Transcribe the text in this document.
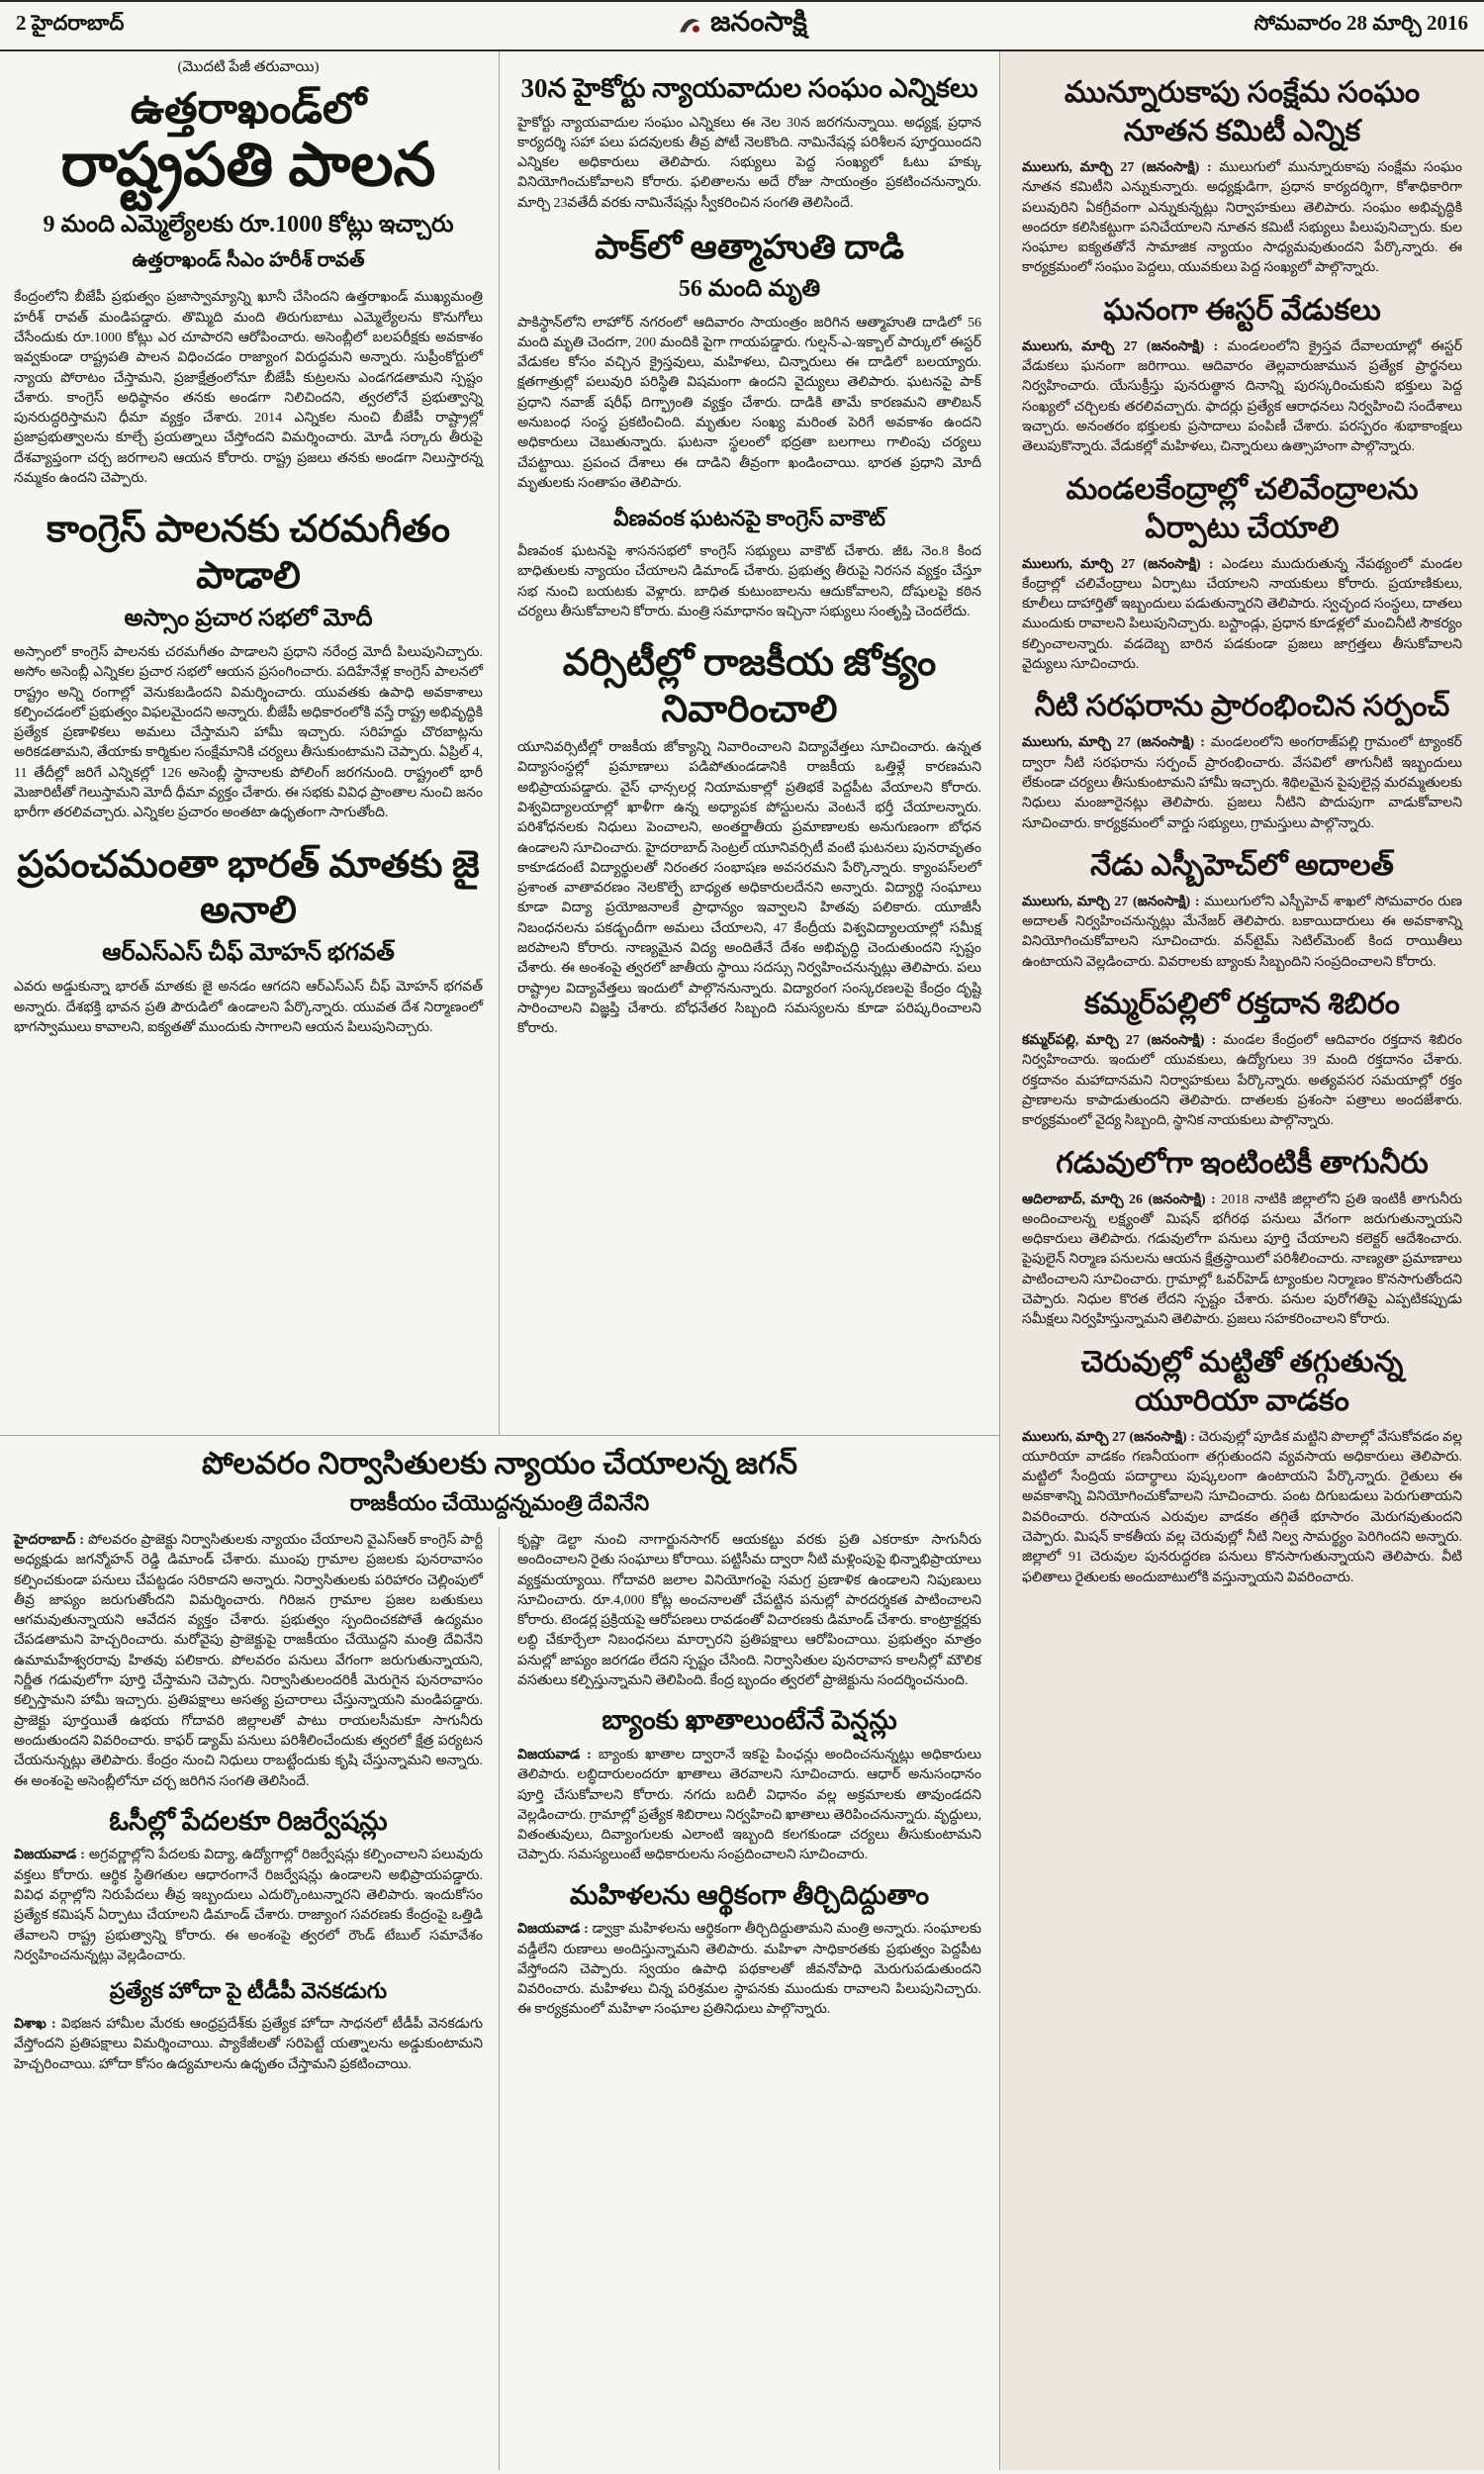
2 హైదరాబాద్	జనంసాక్షి	సోమవారం 28 మార్చి 2016

(మొదటి పేజీ తరువాయి)

ఉత్తరాఖండ్‌లో
రాష్ట్రపతి పాలన

9 మంది ఎమ్మెల్యేలకు రూ.1000 కోట్లు ఇచ్చారు

ఉత్తరాఖండ్ సీఎం హరీశ్ రావత్

కేంద్రంలోని బీజేపీ ప్రభుత్వం ప్రజాస్వామ్యాన్ని ఖూనీ చేసిందని ఉత్తరాఖండ్ ముఖ్యమంత్రి హరీశ్ రావత్ మండిపడ్డారు. తొమ్మిది మంది తిరుగుబాటు ఎమ్మెల్యేలను కొనుగోలు చేసేందుకు రూ.1000 కోట్లు ఎర చూపారని ఆరోపించారు. అసెంబ్లీలో బలపరీక్షకు అవకాశం ఇవ్వకుండా రాష్ట్రపతి పాలన విధించడం రాజ్యాంగ విరుద్ధమని అన్నారు. సుప్రీంకోర్టులో న్యాయ పోరాటం చేస్తామని, ప్రజాక్షేత్రంలోనూ బీజేపీ కుట్రలను ఎండగడతామని స్పష్టం చేశారు. కాంగ్రెస్ అధిష్ఠానం తనకు అండగా నిలిచిందని, త్వరలోనే ప్రభుత్వాన్ని పునరుద్ధరిస్తామని ధీమా వ్యక్తం చేశారు. 2014 ఎన్నికల నుంచి బీజేపీ రాష్ట్రాల్లో ప్రజాప్రభుత్వాలను కూల్చే ప్రయత్నాలు చేస్తోందని విమర్శించారు. మోడీ సర్కారు తీరుపై దేశవ్యాప్తంగా చర్చ జరగాలని ఆయన కోరారు. రాష్ట్ర ప్రజలు తనకు అండగా నిలుస్తారన్న నమ్మకం ఉందని చెప్పారు.

కాంగ్రెస్ పాలనకు చరమగీతం పాడాలి

అస్సాం ప్రచార సభలో మోదీ

అస్సాంలో కాంగ్రెస్ పాలనకు చరమగీతం పాడాలని ప్రధాని నరేంద్ర మోదీ పిలుపునిచ్చారు. అసోం అసెంబ్లీ ఎన్నికల ప్రచార సభలో ఆయన ప్రసంగించారు. పదిహేనేళ్ల కాంగ్రెస్ పాలనలో రాష్ట్రం అన్ని రంగాల్లో వెనుకబడిందని విమర్శించారు. యువతకు ఉపాధి అవకాశాలు కల్పించడంలో ప్రభుత్వం విఫలమైందని అన్నారు. బీజేపీ అధికారంలోకి వస్తే రాష్ట్ర అభివృద్ధికి ప్రత్యేక ప్రణాళికలు అమలు చేస్తామని హామీ ఇచ్చారు. సరిహద్దు చొరబాట్లను అరికడతామని, తేయాకు కార్మికుల సంక్షేమానికి చర్యలు తీసుకుంటామని చెప్పారు. ఏప్రిల్ 4, 11 తేదీల్లో జరిగే ఎన్నికల్లో 126 అసెంబ్లీ స్థానాలకు పోలింగ్ జరగనుంది. రాష్ట్రంలో భారీ మెజారిటీతో గెలుస్తామని మోదీ ధీమా వ్యక్తం చేశారు. ఈ సభకు వివిధ ప్రాంతాల నుంచి జనం భారీగా తరలివచ్చారు. ఎన్నికల ప్రచారం అంతటా ఉధృతంగా సాగుతోంది.

ప్రపంచమంతా భారత్ మాతకు జై అనాలి

ఆర్ఎస్ఎస్ చీఫ్ మోహన్ భగవత్

ఎవరు అడ్డుకున్నా భారత్ మాతకు జై అనడం ఆగదని ఆర్ఎస్ఎస్ చీఫ్ మోహన్ భగవత్ అన్నారు. దేశభక్తి భావన ప్రతి పౌరుడిలో ఉండాలని పేర్కొన్నారు. యువత దేశ నిర్మాణంలో భాగస్వాములు కావాలని, ఐక్యతతో ముందుకు సాగాలని ఆయన పిలుపునిచ్చారు.

30న హైకోర్టు న్యాయవాదుల సంఘం ఎన్నికలు

హైకోర్టు న్యాయవాదుల సంఘం ఎన్నికలు ఈ నెల 30న జరగనున్నాయి. అధ్యక్ష, ప్రధాన కార్యదర్శి సహా పలు పదవులకు తీవ్ర పోటీ నెలకొంది. నామినేషన్ల పరిశీలన పూర్తయిందని ఎన్నికల అధికారులు తెలిపారు. సభ్యులు పెద్ద సంఖ్యలో ఓటు హక్కు వినియోగించుకోవాలని కోరారు. ఫలితాలను అదే రోజు సాయంత్రం ప్రకటించనున్నారు. మార్చి 23వతేదీ వరకు నామినేషన్లు స్వీకరించిన సంగతి తెలిసిందే.

పాక్‌లో ఆత్మాహుతి దాడి

56 మంది మృతి

పాకిస్థాన్‌లోని లాహోర్ నగరంలో ఆదివారం సాయంత్రం జరిగిన ఆత్మాహుతి దాడిలో 56 మంది మృతి చెందగా, 200 మందికి పైగా గాయపడ్డారు. గుల్షన్-ఎ-ఇక్బాల్ పార్కులో ఈస్టర్ వేడుకల కోసం వచ్చిన క్రైస్తవులు, మహిళలు, చిన్నారులు ఈ దాడిలో బలయ్యారు. క్షతగాత్రుల్లో పలువురి పరిస్థితి విషమంగా ఉందని వైద్యులు తెలిపారు. ఘటనపై పాక్ ప్రధాని నవాజ్ షరీఫ్ దిగ్భ్రాంతి వ్యక్తం చేశారు. దాడికి తామే కారణమని తాలిబన్ అనుబంధ సంస్థ ప్రకటించింది. మృతుల సంఖ్య మరింత పెరిగే అవకాశం ఉందని అధికారులు చెబుతున్నారు. ఘటనా స్థలంలో భద్రతా బలగాలు గాలింపు చర్యలు చేపట్టాయి. ప్రపంచ దేశాలు ఈ దాడిని తీవ్రంగా ఖండించాయి. భారత ప్రధాని మోదీ మృతులకు సంతాపం తెలిపారు.

వీణవంక ఘటనపై కాంగ్రెస్ వాకౌట్

వీణవంక ఘటనపై శాసనసభలో కాంగ్రెస్ సభ్యులు వాకౌట్ చేశారు. జీఓ నెం.8 కింద బాధితులకు న్యాయం చేయాలని డిమాండ్ చేశారు. ప్రభుత్వ తీరుపై నిరసన వ్యక్తం చేస్తూ సభ నుంచి బయటకు వెళ్లారు. బాధిత కుటుంబాలను ఆదుకోవాలని, దోషులపై కఠిన చర్యలు తీసుకోవాలని కోరారు. మంత్రి సమాధానం ఇచ్చినా సభ్యులు సంతృప్తి చెందలేదు.

వర్సిటీల్లో రాజకీయ జోక్యం నివారించాలి

యూనివర్సిటీల్లో రాజకీయ జోక్యాన్ని నివారించాలని విద్యావేత్తలు సూచించారు. ఉన్నత విద్యాసంస్థల్లో ప్రమాణాలు పడిపోతుండడానికి రాజకీయ ఒత్తిళ్లే కారణమని అభిప్రాయపడ్డారు. వైస్ ఛాన్సలర్ల నియామకాల్లో ప్రతిభకే పెద్దపీట వేయాలని కోరారు. విశ్వవిద్యాలయాల్లో ఖాళీగా ఉన్న అధ్యాపక పోస్టులను వెంటనే భర్తీ చేయాలన్నారు. పరిశోధనలకు నిధులు పెంచాలని, అంతర్జాతీయ ప్రమాణాలకు అనుగుణంగా బోధన ఉండాలని సూచించారు. హైదరాబాద్ సెంట్రల్ యూనివర్సిటీ వంటి ఘటనలు పునరావృతం కాకూడదంటే విద్యార్థులతో నిరంతర సంభాషణ అవసరమని పేర్కొన్నారు. క్యాంపస్‌లలో ప్రశాంత వాతావరణం నెలకొల్పే బాధ్యత అధికారులదేనని అన్నారు. విద్యార్థి సంఘాలు కూడా విద్యా ప్రయోజనాలకే ప్రాధాన్యం ఇవ్వాలని హితవు పలికారు. యూజీసీ నిబంధనలను పకడ్బందీగా అమలు చేయాలని, 47 కేంద్రీయ విశ్వవిద్యాలయాల్లో సమీక్ష జరపాలని కోరారు. నాణ్యమైన విద్య అందితేనే దేశం అభివృద్ధి చెందుతుందని స్పష్టం చేశారు. ఈ అంశంపై త్వరలో జాతీయ స్థాయి సదస్సు నిర్వహించనున్నట్లు తెలిపారు. పలు రాష్ట్రాల విద్యావేత్తలు ఇందులో పాల్గొననున్నారు. విద్యారంగ సంస్కరణలపై కేంద్రం దృష్టి సారించాలని విజ్ఞప్తి చేశారు. బోధనేతర సిబ్బంది సమస్యలను కూడా పరిష్కరించాలని కోరారు.

పోలవరం నిర్వాసితులకు న్యాయం చేయాలన్న జగన్

రాజకీయం చేయొద్దన్నమంత్రి దేవినేని

హైదరాబాద్ : పోలవరం ప్రాజెక్టు నిర్వాసితులకు న్యాయం చేయాలని వైఎస్ఆర్ కాంగ్రెస్ పార్టీ అధ్యక్షుడు జగన్మోహన్ రెడ్డి డిమాండ్ చేశారు. ముంపు గ్రామాల ప్రజలకు పునరావాసం కల్పించకుండా పనులు చేపట్టడం సరికాదని అన్నారు. నిర్వాసితులకు పరిహారం చెల్లింపులో తీవ్ర జాప్యం జరుగుతోందని విమర్శించారు. గిరిజన గ్రామాల ప్రజల బతుకులు ఆగమవుతున్నాయని ఆవేదన వ్యక్తం చేశారు. ప్రభుత్వం స్పందించకపోతే ఉద్యమం చేపడతామని హెచ్చరించారు. మరోవైపు ప్రాజెక్టుపై రాజకీయం చేయొద్దని మంత్రి దేవినేని ఉమామహేశ్వరరావు హితవు పలికారు. పోలవరం పనులు వేగంగా జరుగుతున్నాయని, నిర్ణీత గడువులోగా పూర్తి చేస్తామని చెప్పారు. నిర్వాసితులందరికీ మెరుగైన పునరావాసం కల్పిస్తామని హామీ ఇచ్చారు. ప్రతిపక్షాలు అసత్య ప్రచారాలు చేస్తున్నాయని మండిపడ్డారు. ప్రాజెక్టు పూర్తయితే ఉభయ గోదావరి జిల్లాలతో పాటు రాయలసీమకూ సాగునీరు అందుతుందని వివరించారు. కాఫర్ డ్యామ్ పనులు పరిశీలించేందుకు త్వరలో క్షేత్ర పర్యటన చేయనున్నట్లు తెలిపారు. కేంద్రం నుంచి నిధులు రాబట్టేందుకు కృషి చేస్తున్నామని అన్నారు. ఈ అంశంపై అసెంబ్లీలోనూ చర్చ జరిగిన సంగతి తెలిసిందే.

ఓసీల్లో పేదలకూ రిజర్వేషన్లు

విజయవాడ : అగ్రవర్ణాల్లోని పేదలకు విద్యా, ఉద్యోగాల్లో రిజర్వేషన్లు కల్పించాలని పలువురు వక్తలు కోరారు. ఆర్థిక స్థితిగతుల ఆధారంగానే రిజర్వేషన్లు ఉండాలని అభిప్రాయపడ్డారు. వివిధ వర్గాల్లోని నిరుపేదలు తీవ్ర ఇబ్బందులు ఎదుర్కొంటున్నారని తెలిపారు. ఇందుకోసం ప్రత్యేక కమిషన్ ఏర్పాటు చేయాలని డిమాండ్ చేశారు. రాజ్యాంగ సవరణకు కేంద్రంపై ఒత్తిడి తేవాలని రాష్ట్ర ప్రభుత్వాన్ని కోరారు. ఈ అంశంపై త్వరలో రౌండ్ టేబుల్ సమావేశం నిర్వహించనున్నట్లు వెల్లడించారు.

ప్రత్యేక హోదా పై టీడీపీ వెనకడుగు

విశాఖ : విభజన హామీల మేరకు ఆంధ్రప్రదేశ్‌కు ప్రత్యేక హోదా సాధనలో టీడీపీ వెనకడుగు వేస్తోందని ప్రతిపక్షాలు విమర్శించాయి. ప్యాకేజీలతో సరిపెట్టే యత్నాలను అడ్డుకుంటామని హెచ్చరించాయి. హోదా కోసం ఉద్యమాలను ఉధృతం చేస్తామని ప్రకటించాయి.

కృష్ణా డెల్టా నుంచి నాగార్జునసాగర్ ఆయకట్టు వరకు ప్రతి ఎకరాకూ సాగునీరు అందించాలని రైతు సంఘాలు కోరాయి. పట్టిసీమ ద్వారా నీటి మళ్లింపుపై భిన్నాభిప్రాయాలు వ్యక్తమయ్యాయి. గోదావరి జలాల వినియోగంపై సమగ్ర ప్రణాళిక ఉండాలని నిపుణులు సూచించారు. రూ.4,000 కోట్ల అంచనాలతో చేపట్టిన పనుల్లో పారదర్శకత పాటించాలని కోరారు. టెండర్ల ప్రక్రియపై ఆరోపణలు రావడంతో విచారణకు డిమాండ్ చేశారు. కాంట్రాక్టర్లకు లబ్ధి చేకూర్చేలా నిబంధనలు మార్చారని ప్రతిపక్షాలు ఆరోపించాయి. ప్రభుత్వం మాత్రం పనుల్లో జాప్యం జరగడం లేదని స్పష్టం చేసింది. నిర్వాసితుల పునరావాస కాలనీల్లో మౌలిక వసతులు కల్పిస్తున్నామని తెలిపింది. కేంద్ర బృందం త్వరలో ప్రాజెక్టును సందర్శించనుంది.

బ్యాంకు ఖాతాలుంటేనే పెన్షన్లు

విజయవాడ : బ్యాంకు ఖాతాల ద్వారానే ఇకపై పింఛన్లు అందించనున్నట్లు అధికారులు తెలిపారు. లబ్ధిదారులందరూ ఖాతాలు తెరవాలని సూచించారు. ఆధార్ అనుసంధానం పూర్తి చేసుకోవాలని కోరారు. నగదు బదిలీ విధానం వల్ల అక్రమాలకు తావుండదని వెల్లడించారు. గ్రామాల్లో ప్రత్యేక శిబిరాలు నిర్వహించి ఖాతాలు తెరిపించనున్నారు. వృద్ధులు, వితంతువులు, దివ్యాంగులకు ఎలాంటి ఇబ్బంది కలగకుండా చర్యలు తీసుకుంటామని చెప్పారు. సమస్యలుంటే అధికారులను సంప్రదించాలని సూచించారు.

మహిళలను ఆర్థికంగా తీర్చిదిద్దుతాం

విజయవాడ : డ్వాక్రా మహిళలను ఆర్థికంగా తీర్చిదిద్దుతామని మంత్రి అన్నారు. సంఘాలకు వడ్డీలేని రుణాలు అందిస్తున్నామని తెలిపారు. మహిళా సాధికారతకు ప్రభుత్వం పెద్దపీట వేస్తోందని చెప్పారు. స్వయం ఉపాధి పథకాలతో జీవనోపాధి మెరుగుపడుతుందని వివరించారు. మహిళలు చిన్న పరిశ్రమల స్థాపనకు ముందుకు రావాలని పిలుపునిచ్చారు. ఈ కార్యక్రమంలో మహిళా సంఘాల ప్రతినిధులు పాల్గొన్నారు.

మున్నూరుకాపు సంక్షేమ సంఘం నూతన కమిటీ ఎన్నిక

ములుగు, మార్చి 27 (జనంసాక్షి) : ములుగులో మున్నూరుకాపు సంక్షేమ సంఘం నూతన కమిటీని ఎన్నుకున్నారు. అధ్యక్షుడిగా, ప్రధాన కార్యదర్శిగా, కోశాధికారిగా పలువురిని ఏకగ్రీవంగా ఎన్నుకున్నట్లు నిర్వాహకులు తెలిపారు. సంఘం అభివృద్ధికి అందరూ కలిసికట్టుగా పనిచేయాలని నూతన కమిటీ సభ్యులు పిలుపునిచ్చారు. కుల సంఘాల ఐక్యతతోనే సామాజిక న్యాయం సాధ్యమవుతుందని పేర్కొన్నారు. ఈ కార్యక్రమంలో సంఘం పెద్దలు, యువకులు పెద్ద సంఖ్యలో పాల్గొన్నారు.

ఘనంగా ఈస్టర్ వేడుకలు

ములుగు, మార్చి 27 (జనంసాక్షి) : మండలంలోని క్రైస్తవ దేవాలయాల్లో ఈస్టర్ వేడుకలు ఘనంగా జరిగాయి. ఆదివారం తెల్లవారుజామున ప్రత్యేక ప్రార్థనలు నిర్వహించారు. యేసుక్రీస్తు పునరుత్థాన దినాన్ని పురస్కరించుకుని భక్తులు పెద్ద సంఖ్యలో చర్చిలకు తరలివచ్చారు. ఫాదర్లు ప్రత్యేక ఆరాధనలు నిర్వహించి సందేశాలు ఇచ్చారు. అనంతరం భక్తులకు ప్రసాదాలు పంపిణీ చేశారు. పరస్పరం శుభాకాంక్షలు తెలుపుకొన్నారు. వేడుకల్లో మహిళలు, చిన్నారులు ఉత్సాహంగా పాల్గొన్నారు.

మండలకేంద్రాల్లో చలివేంద్రాలను ఏర్పాటు చేయాలి

ములుగు, మార్చి 27 (జనంసాక్షి) : ఎండలు ముదురుతున్న నేపథ్యంలో మండల కేంద్రాల్లో చలివేంద్రాలు ఏర్పాటు చేయాలని నాయకులు కోరారు. ప్రయాణికులు, కూలీలు దాహార్తితో ఇబ్బందులు పడుతున్నారని తెలిపారు. స్వచ్ఛంద సంస్థలు, దాతలు ముందుకు రావాలని పిలుపునిచ్చారు. బస్టాండ్లు, ప్రధాన కూడళ్లలో మంచినీటి సౌకర్యం కల్పించాలన్నారు. వడదెబ్బ బారిన పడకుండా ప్రజలు జాగ్రత్తలు తీసుకోవాలని వైద్యులు సూచించారు.

నీటి సరఫరాను ప్రారంభించిన సర్పంచ్

ములుగు, మార్చి 27 (జనంసాక్షి) : మండలంలోని అంగరాజ్‌పల్లి గ్రామంలో ట్యాంకర్ ద్వారా నీటి సరఫరాను సర్పంచ్ ప్రారంభించారు. వేసవిలో తాగునీటి ఇబ్బందులు లేకుండా చర్యలు తీసుకుంటామని హామీ ఇచ్చారు. శిథిలమైన పైపులైన్ల మరమ్మతులకు నిధులు మంజూరైనట్లు తెలిపారు. ప్రజలు నీటిని పొదుపుగా వాడుకోవాలని సూచించారు. కార్యక్రమంలో వార్డు సభ్యులు, గ్రామస్తులు పాల్గొన్నారు.

నేడు ఎస్బీహెచ్‌లో అదాలత్

ములుగు, మార్చి 27 (జనంసాక్షి) : ములుగులోని ఎస్బీహెచ్ శాఖలో సోమవారం రుణ అదాలత్ నిర్వహించనున్నట్లు మేనేజర్ తెలిపారు. బకాయిదారులు ఈ అవకాశాన్ని వినియోగించుకోవాలని సూచించారు. వన్‌టైమ్ సెటిల్‌మెంట్ కింద రాయితీలు ఉంటాయని వెల్లడించారు. వివరాలకు బ్యాంకు సిబ్బందిని సంప్రదించాలని కోరారు.

కమ్మర్‌పల్లిలో రక్తదాన శిబిరం

కమ్మర్‌పల్లి, మార్చి 27 (జనంసాక్షి) : మండల కేంద్రంలో ఆదివారం రక్తదాన శిబిరం నిర్వహించారు. ఇందులో యువకులు, ఉద్యోగులు 39 మంది రక్తదానం చేశారు. రక్తదానం మహాదానమని నిర్వాహకులు పేర్కొన్నారు. అత్యవసర సమయాల్లో రక్తం ప్రాణాలను కాపాడుతుందని తెలిపారు. దాతలకు ప్రశంసా పత్రాలు అందజేశారు. కార్యక్రమంలో వైద్య సిబ్బంది, స్థానిక నాయకులు పాల్గొన్నారు.

గడువులోగా ఇంటింటికీ తాగునీరు

ఆదిలాబాద్, మార్చి 26 (జనంసాక్షి) : 2018 నాటికి జిల్లాలోని ప్రతి ఇంటికీ తాగునీరు అందించాలన్న లక్ష్యంతో మిషన్ భగీరథ పనులు వేగంగా జరుగుతున్నాయని అధికారులు తెలిపారు. గడువులోగా పనులు పూర్తి చేయాలని కలెక్టర్ ఆదేశించారు. పైపులైన్ నిర్మాణ పనులను ఆయన క్షేత్రస్థాయిలో పరిశీలించారు. నాణ్యతా ప్రమాణాలు పాటించాలని సూచించారు. గ్రామాల్లో ఓవర్‌హెడ్ ట్యాంకుల నిర్మాణం కొనసాగుతోందని చెప్పారు. నిధుల కొరత లేదని స్పష్టం చేశారు. పనుల పురోగతిపై ఎప్పటికప్పుడు సమీక్షలు నిర్వహిస్తున్నామని తెలిపారు. ప్రజలు సహకరించాలని కోరారు.

చెరువుల్లో మట్టితో తగ్గుతున్న యూరియా వాడకం

ములుగు, మార్చి 27 (జనంసాక్షి) : చెరువుల్లో పూడిక మట్టిని పొలాల్లో వేసుకోవడం వల్ల యూరియా వాడకం గణనీయంగా తగ్గుతుందని వ్యవసాయ అధికారులు తెలిపారు. మట్టిలో సేంద్రియ పదార్థాలు పుష్కలంగా ఉంటాయని పేర్కొన్నారు. రైతులు ఈ అవకాశాన్ని వినియోగించుకోవాలని సూచించారు. పంట దిగుబడులు పెరుగుతాయని వివరించారు. రసాయన ఎరువుల వాడకం తగ్గితే భూసారం మెరుగవుతుందని చెప్పారు. మిషన్ కాకతీయ వల్ల చెరువుల్లో నీటి నిల్వ సామర్థ్యం పెరిగిందని అన్నారు. జిల్లాలో 91 చెరువుల పునరుద్ధరణ పనులు కొనసాగుతున్నాయని తెలిపారు. వీటి ఫలితాలు రైతులకు అందుబాటులోకి వస్తున్నాయని వివరించారు.
